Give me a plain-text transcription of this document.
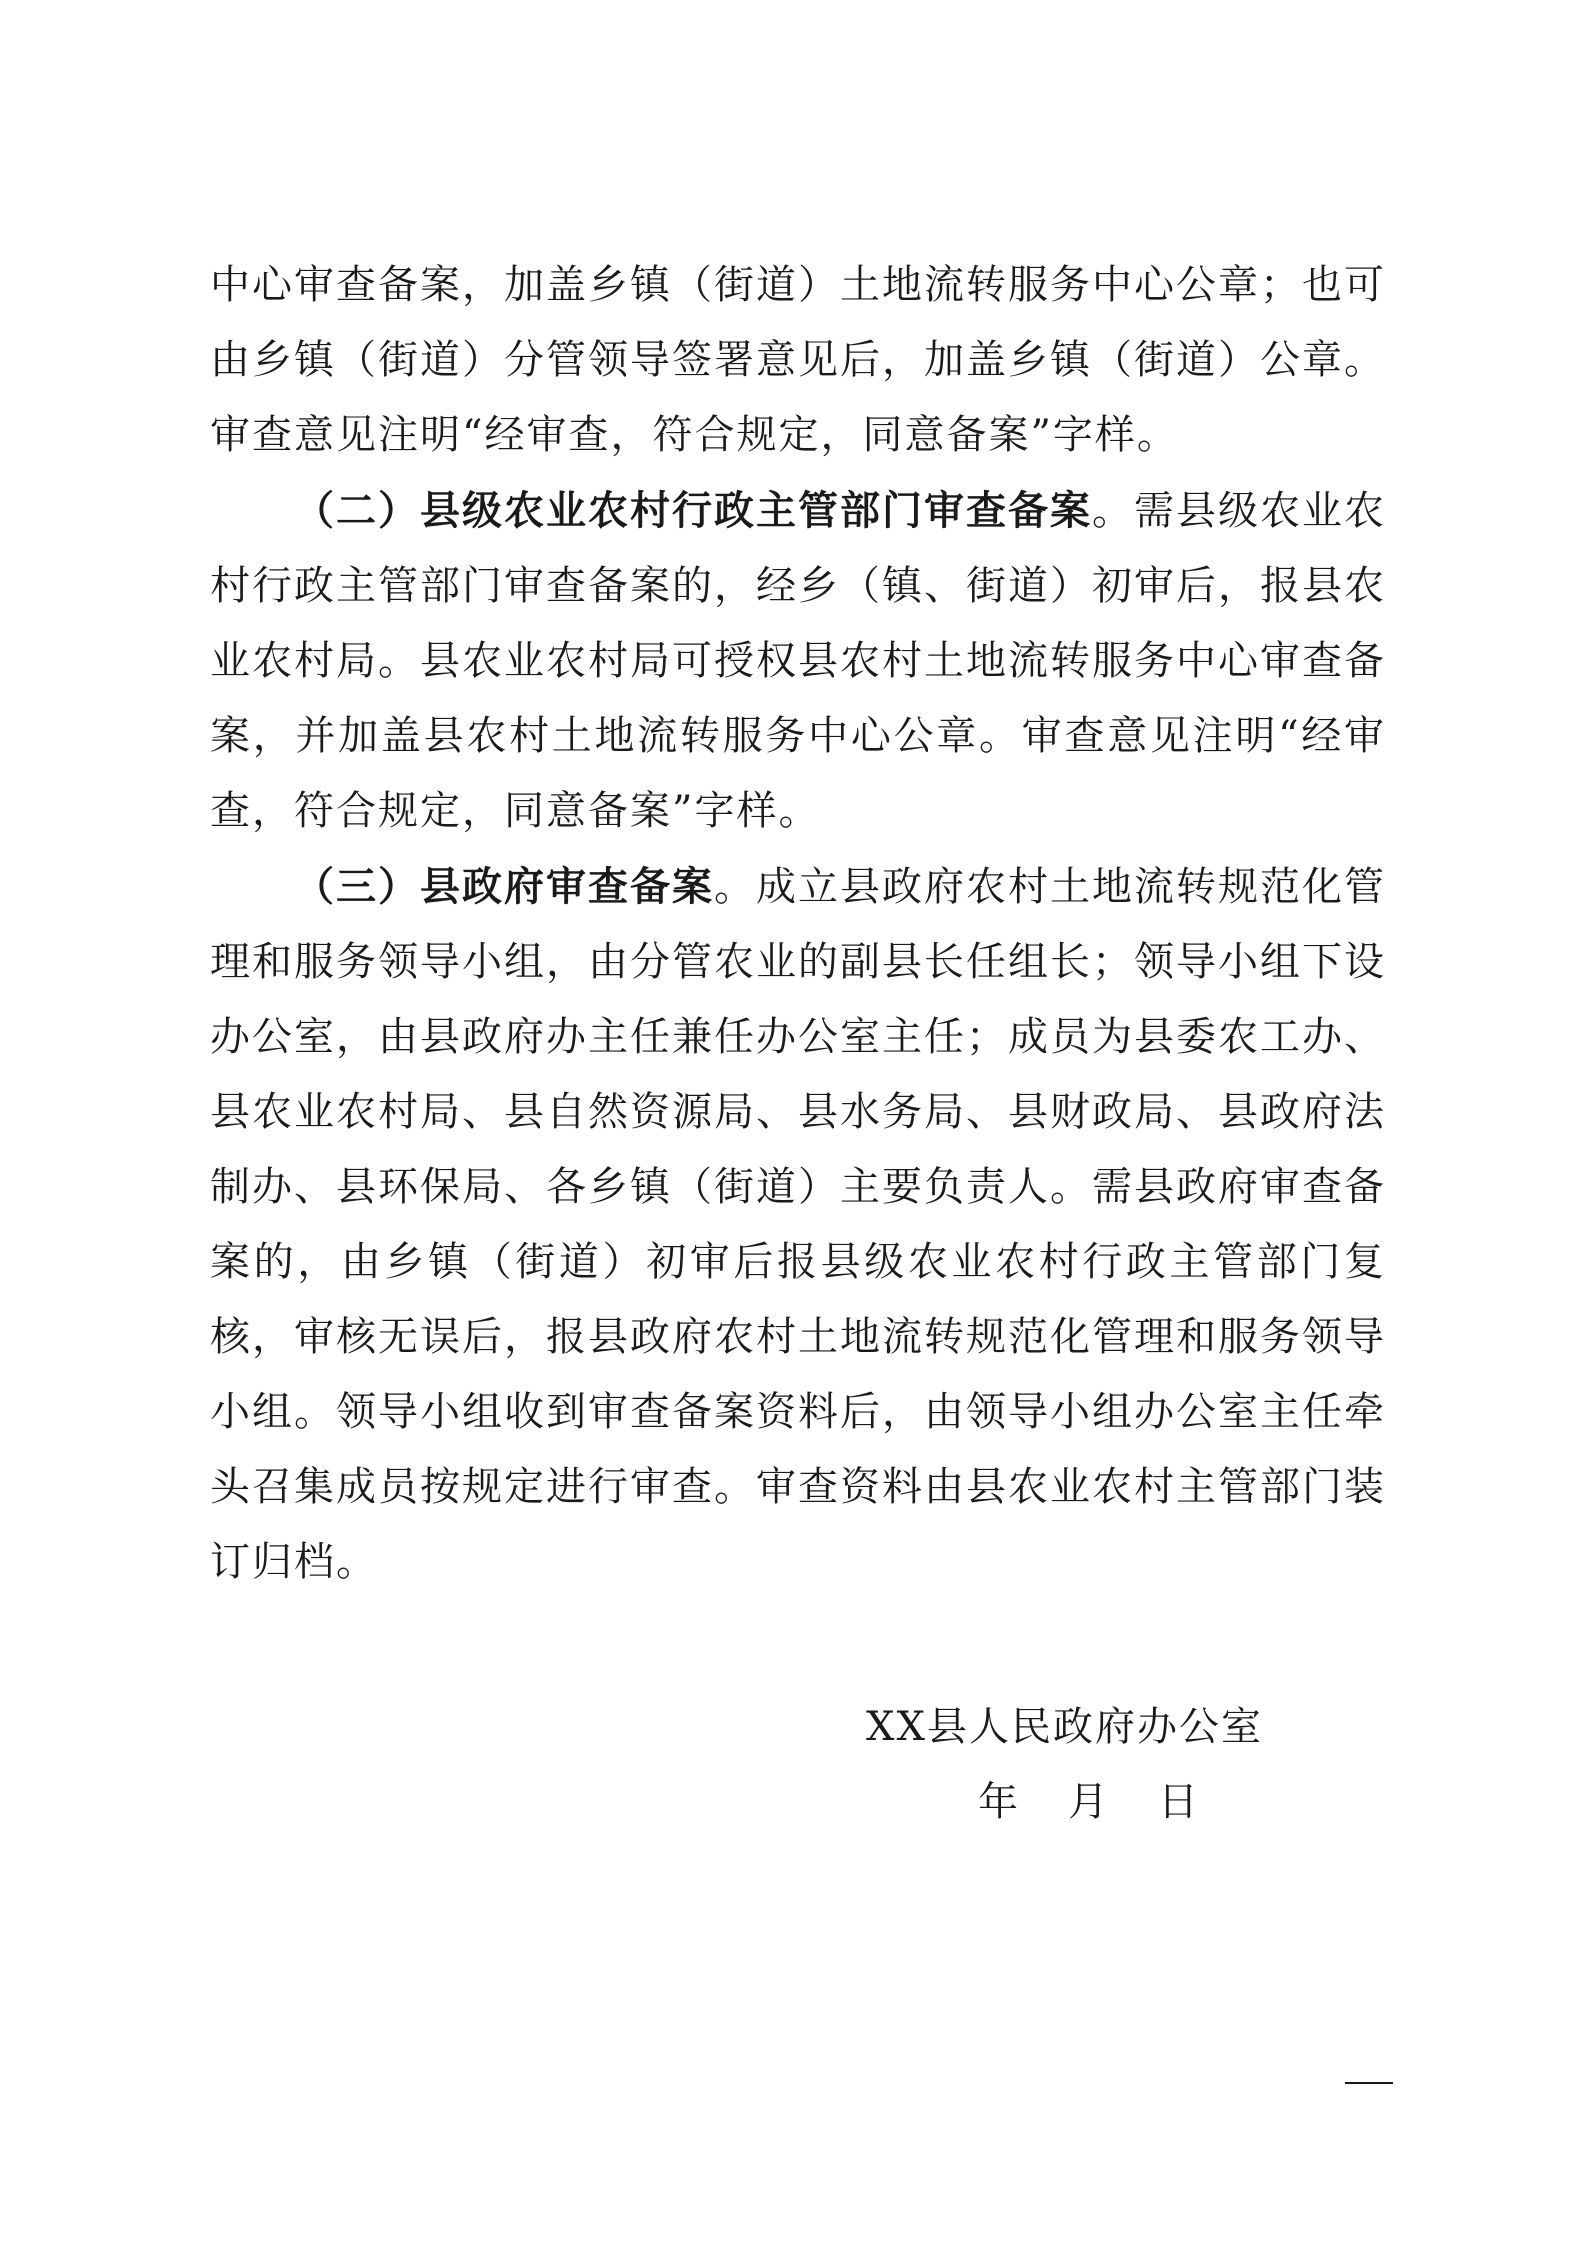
中心审查备案，加盖乡镇（街道）土地流转服务中心公章；也可由乡镇（街道）分管领导签署意见后，加盖乡镇（街道）公章。审查意见注明“经审查，符合规定，同意备案”字样。

（二）县级农业农村行政主管部门审查备案。需县级农业农村行政主管部门审查备案的，经乡（镇、街道）初审后，报县农业农村局。县农业农村局可授权县农村土地流转服务中心审查备案，并加盖县农村土地流转服务中心公章。审查意见注明“经审查，符合规定，同意备案”字样。

（三）县政府审查备案。成立县政府农村土地流转规范化管理和服务领导小组，由分管农业的副县长任组长；领导小组下设办公室，由县政府办主任兼任办公室主任；成员为县委农工办、县农业农村局、县自然资源局、县水务局、县财政局、县政府法制办、县环保局、各乡镇（街道）主要负责人。需县政府审查备案的，由乡镇（街道）初审后报县级农业农村行政主管部门复核，审核无误后，报县政府农村土地流转规范化管理和服务领导小组。领导小组收到审查备案资料后，由领导小组办公室主任牵头召集成员按规定进行审查。审查资料由县农业农村主管部门装订归档。

XX县人民政府办公室
年 月 日
